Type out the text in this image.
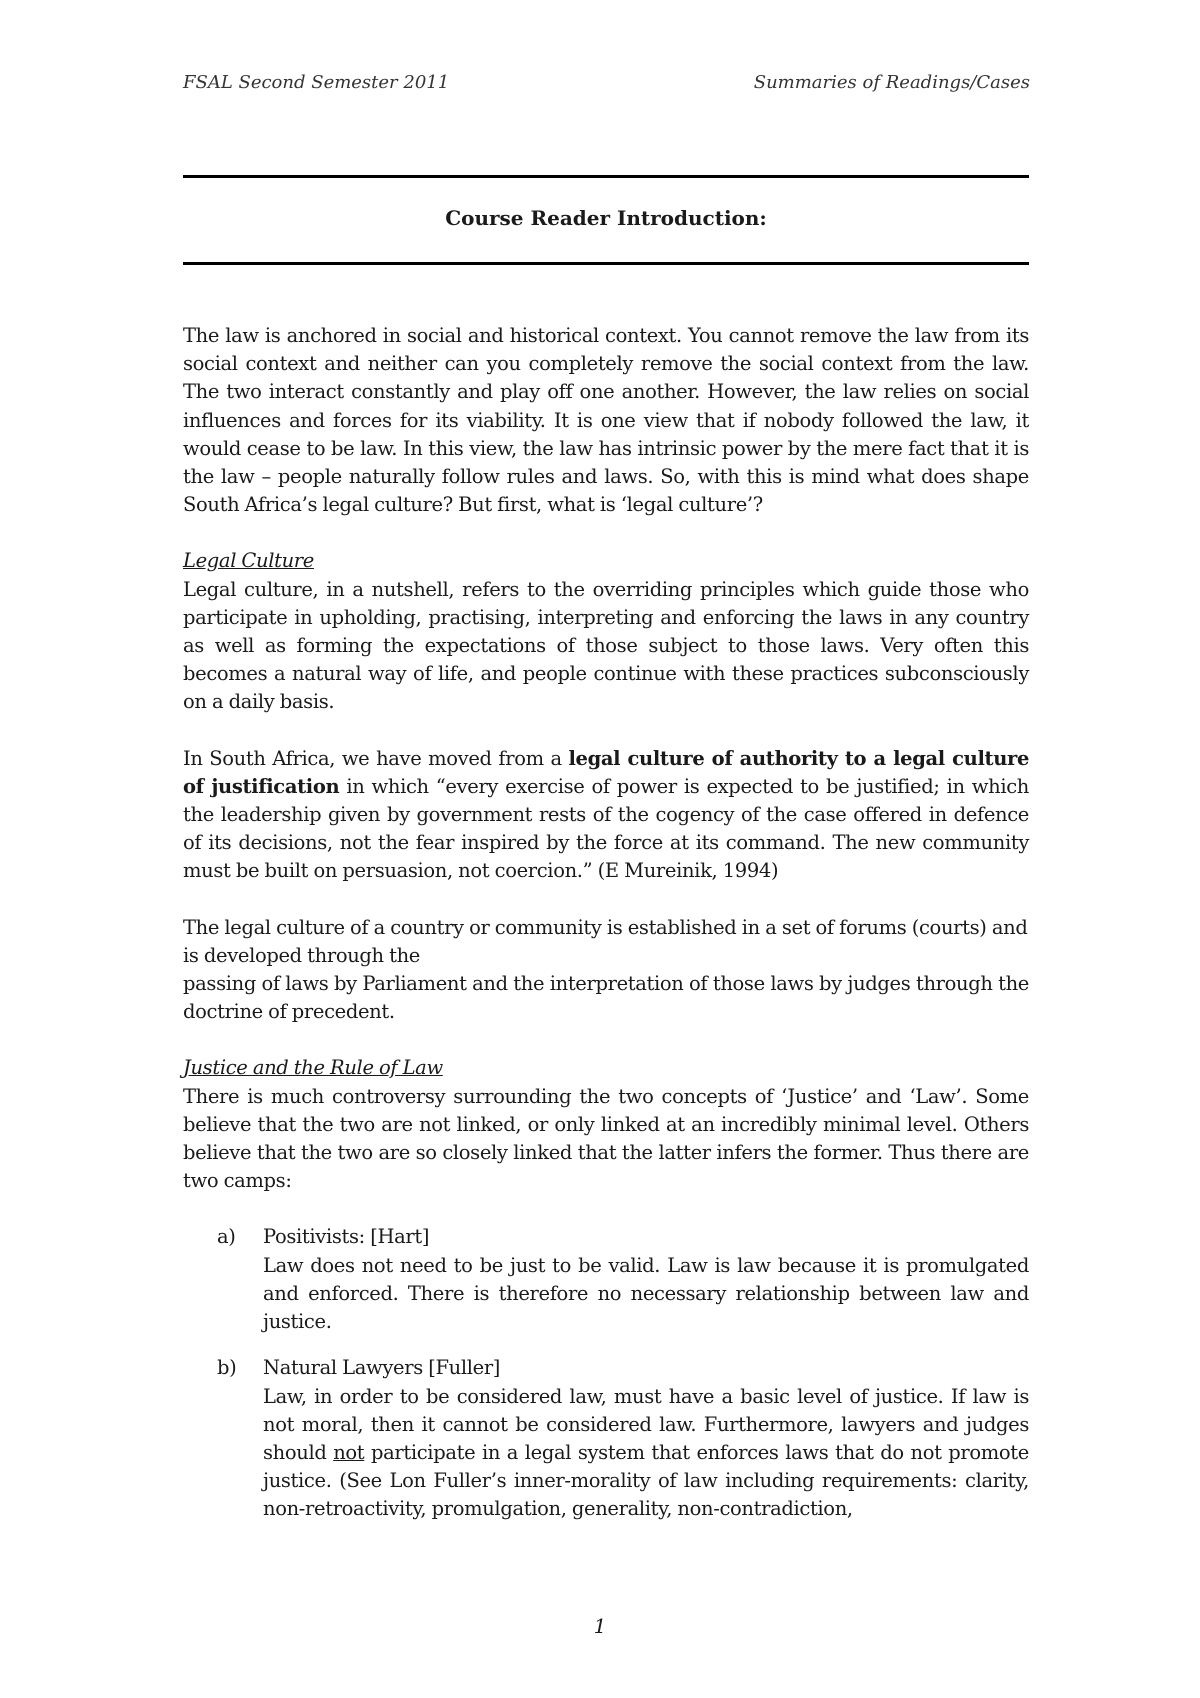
FSAL Second Semester 2011	Summaries of Readings/Cases
Course Reader Introduction:

The law is anchored in social and historical context. You cannot remove the law from its social context and neither can you completely remove the social context from the law. The two interact constantly and play off one another. However, the law relies on social influences and forces for its viability. It is one view that if nobody followed the law, it would cease to be law. In this view, the law has intrinsic power by the mere fact that it is the law – people naturally follow rules and laws. So, with this is mind what does shape South Africa’s legal culture? But first, what is ‘legal culture’?

Legal Culture

Legal culture, in a nutshell, refers to the overriding principles which guide those who participate in upholding, practising, interpreting and enforcing the laws in any country as well as forming the expectations of those subject to those laws. Very often this becomes a natural way of life, and people continue with these practices subconsciously on a daily basis.

In South Africa, we have moved from a legal culture of authority to a legal culture of justification in which “every exercise of power is expected to be justified; in which the leadership given by government rests of the cogency of the case offered in defence of its decisions, not the fear inspired by the force at its command. The new community must be built on persuasion, not coercion.” (E Mureinik, 1994)

The legal culture of a country or community is established in a set of forums (courts) and is developed through the

passing of laws by Parliament and the interpretation of those laws by judges through the doctrine of precedent.

Justice and the Rule of Law

There is much controversy surrounding the two concepts of ‘Justice’ and ‘Law’. Some believe that the two are not linked, or only linked at an incredibly minimal level. Others believe that the two are so closely linked that the latter infers the former. Thus there are two camps:

a)	Positivists: [Hart]
Law does not need to be just to be valid. Law is law because it is promulgated and enforced. There is therefore no necessary relationship between law and justice.
b)	Natural Lawyers [Fuller]
Law, in order to be considered law, must have a basic level of justice. If law is not moral, then it cannot be considered law. Furthermore, lawyers and judges should not participate in a legal system that enforces laws that do not promote justice. (See Lon Fuller’s inner-morality of law including requirements: clarity, non-retroactivity, promulgation, generality, non-contradiction,
1
